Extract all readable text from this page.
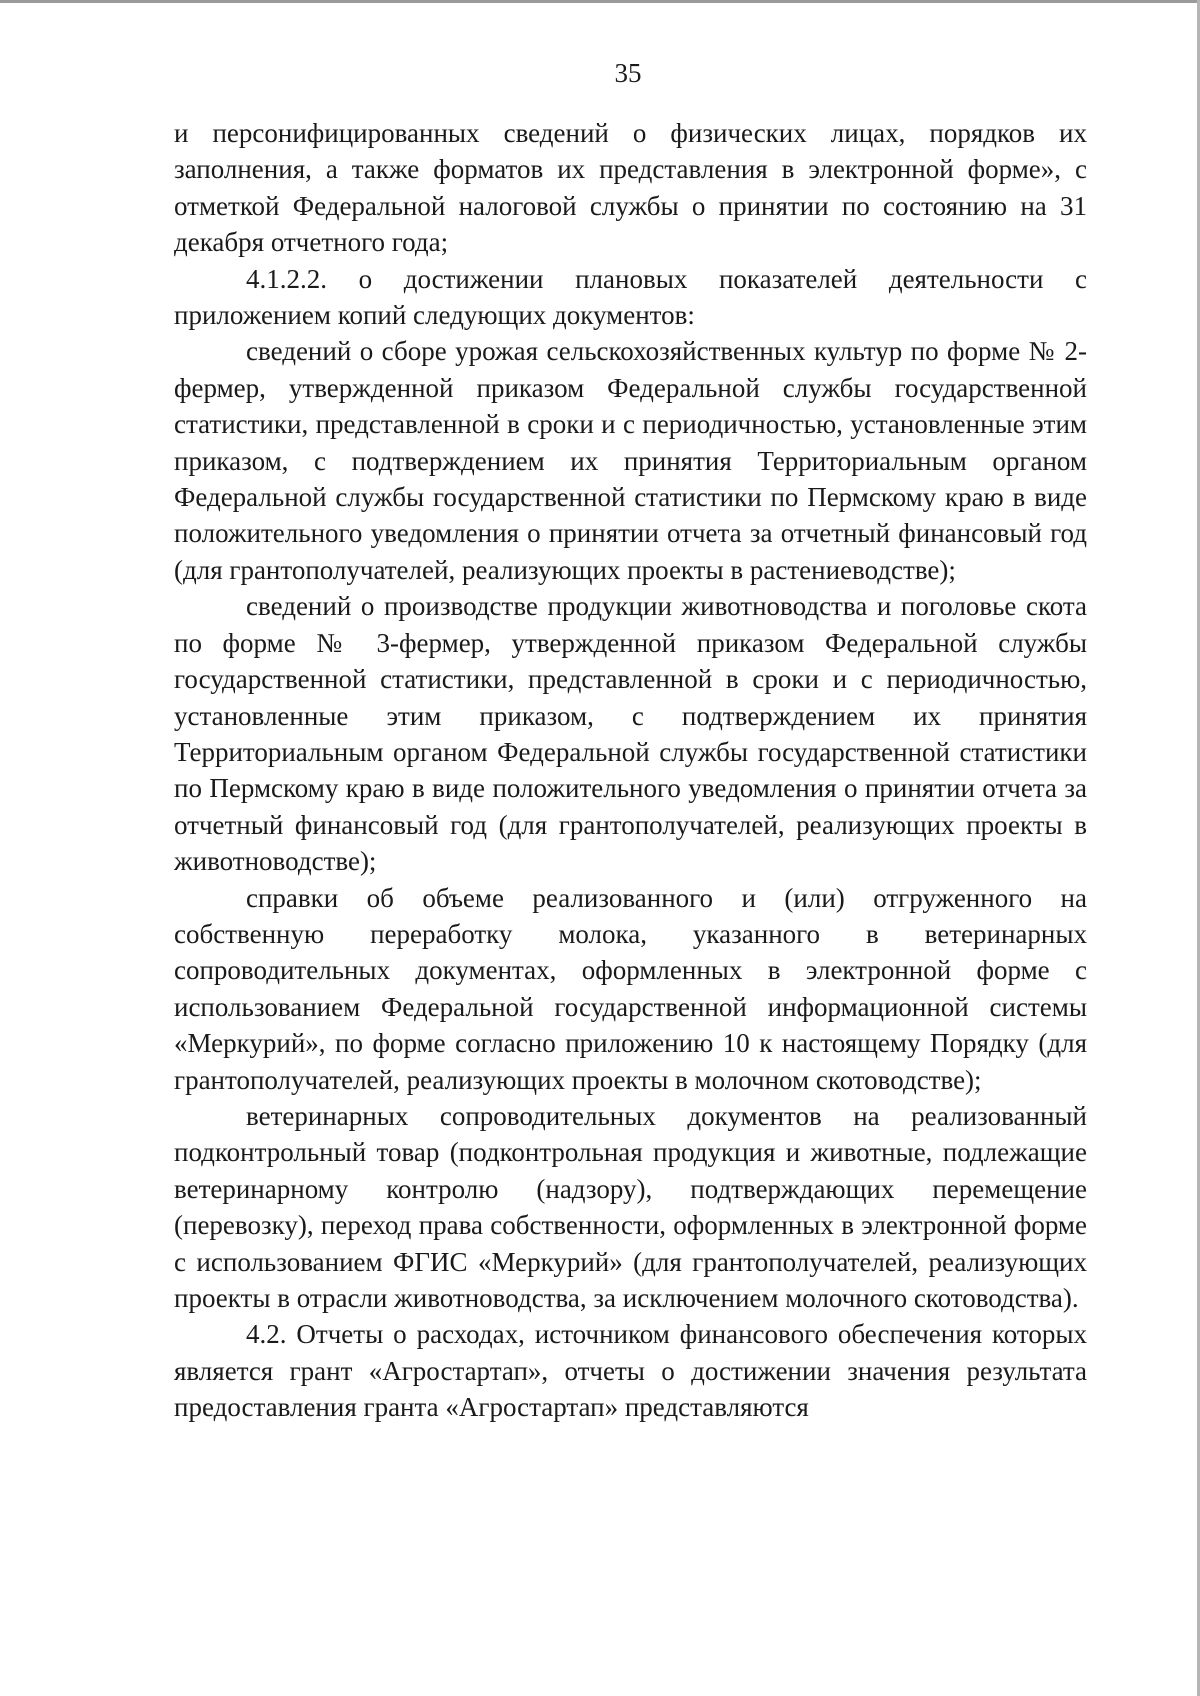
35

и персонифицированных сведений о физических лицах, порядков их заполнения, а также форматов их представления в электронной форме», с отметкой Федеральной налоговой службы о принятии по состоянию на 31 декабря отчетного года;

4.1.2.2. о достижении плановых показателей деятельности с приложением копий следующих документов:

сведений о сборе урожая сельскохозяйственных культур по форме № 2-фермер, утвержденной приказом Федеральной службы государственной статистики, представленной в сроки и с периодичностью, установленные этим приказом, с подтверждением их принятия Территориальным органом Федеральной службы государственной статистики по Пермскому краю в виде положительного уведомления о принятии отчета за отчетный финансовый год (для грантополучателей, реализующих проекты в растениеводстве);

сведений о производстве продукции животноводства и поголовье скота по форме № 3-фермер, утвержденной приказом Федеральной службы государственной статистики, представленной в сроки и с периодичностью, установленные этим приказом, с подтверждением их принятия Территориальным органом Федеральной службы государственной статистики по Пермскому краю в виде положительного уведомления о принятии отчета за отчетный финансовый год (для грантополучателей, реализующих проекты в животноводстве);

справки об объеме реализованного и (или) отгруженного на собственную переработку молока, указанного в ветеринарных сопроводительных документах, оформленных в электронной форме с использованием Федеральной государственной информационной системы «Меркурий», по форме согласно приложению 10 к настоящему Порядку (для грантополучателей, реализующих проекты в молочном скотоводстве);

ветеринарных сопроводительных документов на реализованный подконтрольный товар (подконтрольная продукция и животные, подлежащие ветеринарному контролю (надзору), подтверждающих перемещение (перевозку), переход права собственности, оформленных в электронной форме с использованием ФГИС «Меркурий» (для грантополучателей, реализующих проекты в отрасли животноводства, за исключением молочного скотоводства).

4.2. Отчеты о расходах, источником финансового обеспечения которых является грант «Агростартап», отчеты о достижении значения результата предоставления гранта «Агростартап» представляются
